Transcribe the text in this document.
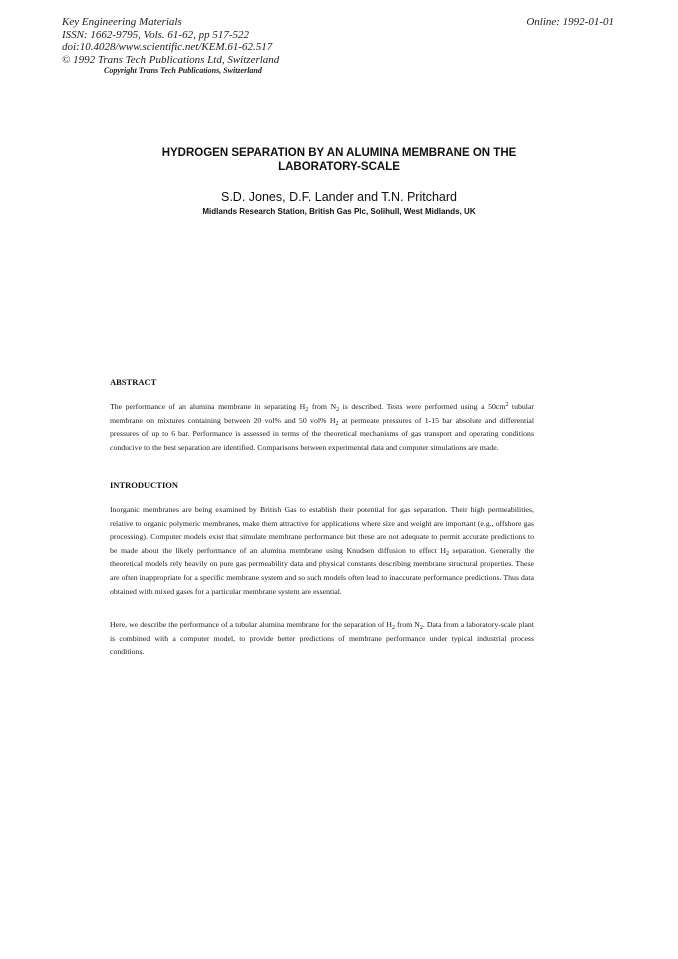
Key Engineering Materials
ISSN: 1662-9795, Vols. 61-62, pp 517-522
doi:10.4028/www.scientific.net/KEM.61-62.517
© 1992 Trans Tech Publications Ltd, Switzerland
Online: 1992-01-01
Copyright Trans Tech Publications, Switzerland
HYDROGEN SEPARATION BY AN ALUMINA MEMBRANE ON THE
LABORATORY-SCALE
S.D. Jones, D.F. Lander and T.N. Pritchard
Midlands Research Station, British Gas Plc, Solihull, West Midlands, UK
ABSTRACT
The performance of an alumina membrane in separating $H_2$ from $N_2$ is described. Tests were performed using a $50cm^2$ tubular membrane on mixtures containing between 20 vol% and 50 vol% $H_2$ at permeate pressures of 1-15 bar absolute and differential pressures of up to 6 bar. Performance is assessed in terms of the theoretical mechanisms of gas transport and operating conditions conducive to the best separation are identified. Comparisons between experimental data and computer simulations are made.
INTRODUCTION
Inorganic membranes are being examined by British Gas to establish their potential for gas separation. Their high permeabilities, relative to organic polymeric membranes, make them attractive for applications where size and weight are important (e.g., offshore gas processing). Computer models exist that simulate membrane performance but these are not adequate to permit accurate predictions to be made about the likely performance of an alumina membrane using Knudsen diffusion to effect $H_2$ separation. Generally the theoretical models rely heavily on pure gas permeability data and physical constants describing membrane structural properties. These are often inappropriate for a specific membrane system and so such models often lead to inaccurate performance predictions. Thus data obtained with mixed gases for a particular membrane system are essential.
Here, we describe the performance of a tubular alumina membrane for the separation of $H_2$ from $N_2$. Data from a laboratory-scale plant is combined with a computer model, to provide better predictions of membrane performance under typical industrial process conditions.
